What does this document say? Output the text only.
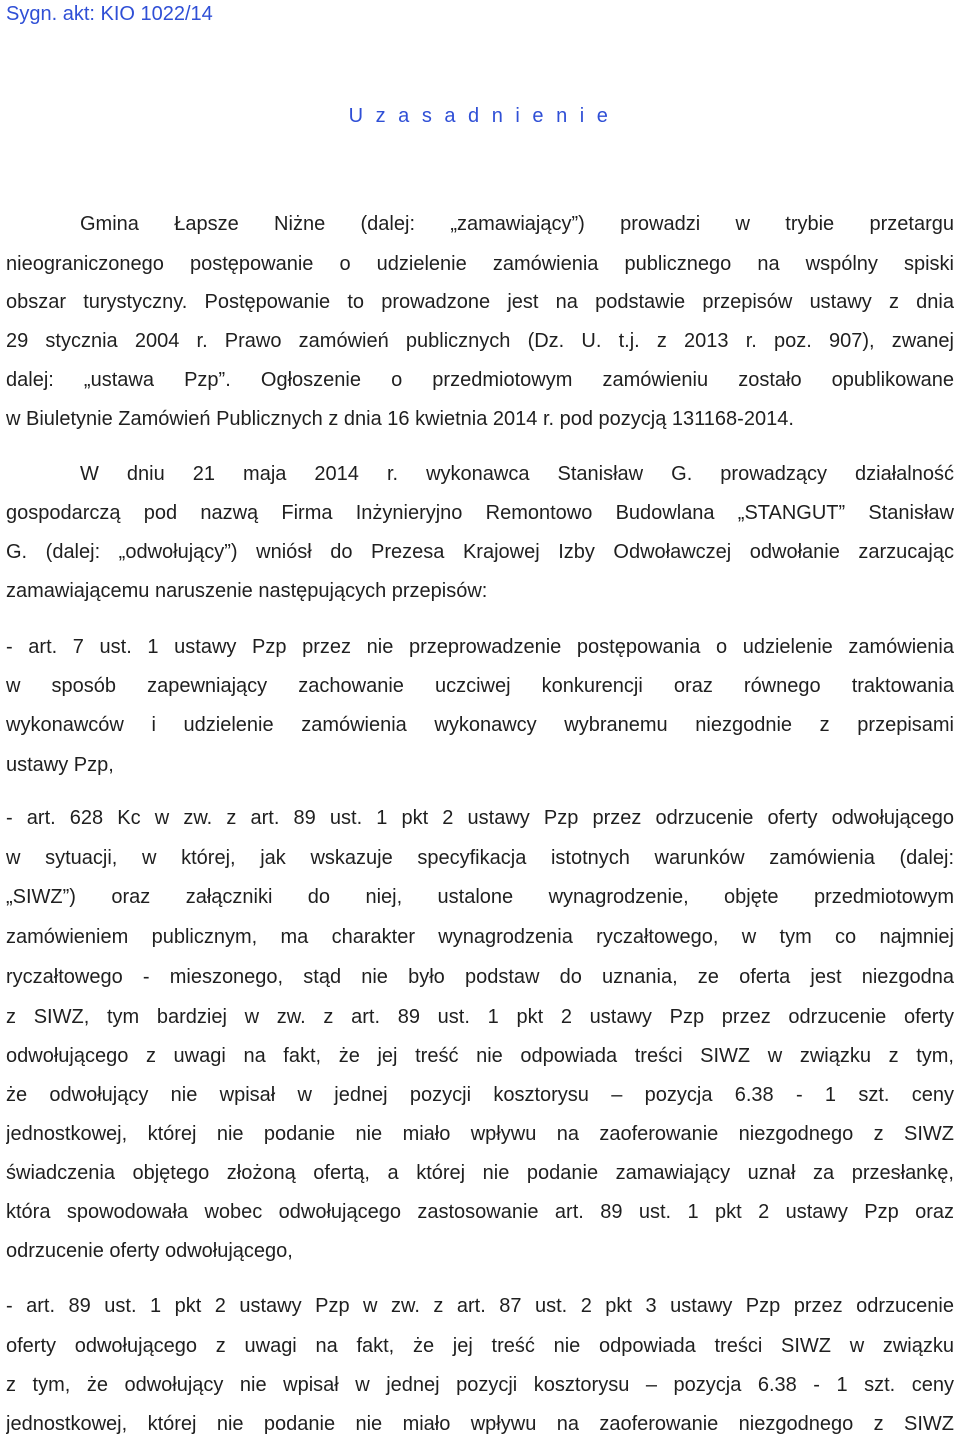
Sygn. akt: KIO 1022/14
U z a s a d n i e n i e
Gmina Łapsze Niżne (dalej: „zamawiający”) prowadzi w trybie przetargu
nieograniczonego postępowanie o udzielenie zamówienia publicznego na wspólny spiski
obszar turystyczny. Postępowanie to prowadzone jest na podstawie przepisów ustawy z dnia
29 stycznia 2004 r. Prawo zamówień publicznych (Dz. U. t.j. z 2013 r. poz. 907), zwanej
dalej: „ustawa Pzp”. Ogłoszenie o przedmiotowym zamówieniu zostało opublikowane
w Biuletynie Zamówień Publicznych z dnia 16 kwietnia 2014 r. pod pozycją 131168-2014.
W dniu 21 maja 2014 r. wykonawca Stanisław G. prowadzący działalność
gospodarczą pod nazwą Firma Inżynieryjno Remontowo Budowlana „STANGUT” Stanisław
G. (dalej: „odwołujący”) wniósł do Prezesa Krajowej Izby Odwoławczej odwołanie zarzucając
zamawiającemu naruszenie następujących przepisów:
- art. 7 ust. 1 ustawy Pzp przez nie przeprowadzenie postępowania o udzielenie zamówienia
w sposób zapewniający zachowanie uczciwej konkurencji oraz równego traktowania
wykonawców i udzielenie zamówienia wykonawcy wybranemu niezgodnie z przepisami
ustawy Pzp,
- art. 628 Kc w zw. z art. 89 ust. 1 pkt 2 ustawy Pzp przez odrzucenie oferty odwołującego
w sytuacji, w której, jak wskazuje specyfikacja istotnych warunków zamówienia (dalej:
„SIWZ”) oraz załączniki do niej, ustalone wynagrodzenie, objęte przedmiotowym
zamówieniem publicznym, ma charakter wynagrodzenia ryczałtowego, w tym co najmniej
ryczałtowego - mieszonego, stąd nie było podstaw do uznania, ze oferta jest niezgodna
z SIWZ, tym bardziej w zw. z art. 89 ust. 1 pkt 2 ustawy Pzp przez odrzucenie oferty
odwołującego z uwagi na fakt, że jej treść nie odpowiada treści SIWZ w związku z tym,
że odwołujący nie wpisał w jednej pozycji kosztorysu – pozycja 6.38 - 1 szt. ceny
jednostkowej, której nie podanie nie miało wpływu na zaoferowanie niezgodnego z SIWZ
świadczenia objętego złożoną ofertą, a której nie podanie zamawiający uznał za przesłankę,
która spowodowała wobec odwołującego zastosowanie art. 89 ust. 1 pkt 2 ustawy Pzp oraz
odrzucenie oferty odwołującego,
- art. 89 ust. 1 pkt 2 ustawy Pzp w zw. z art. 87 ust. 2 pkt 3 ustawy Pzp przez odrzucenie
oferty odwołującego z uwagi na fakt, że jej treść nie odpowiada treści SIWZ w związku
z tym, że odwołujący nie wpisał w jednej pozycji kosztorysu – pozycja 6.38 - 1 szt. ceny
jednostkowej, której nie podanie nie miało wpływu na zaoferowanie niezgodnego z SIWZ
